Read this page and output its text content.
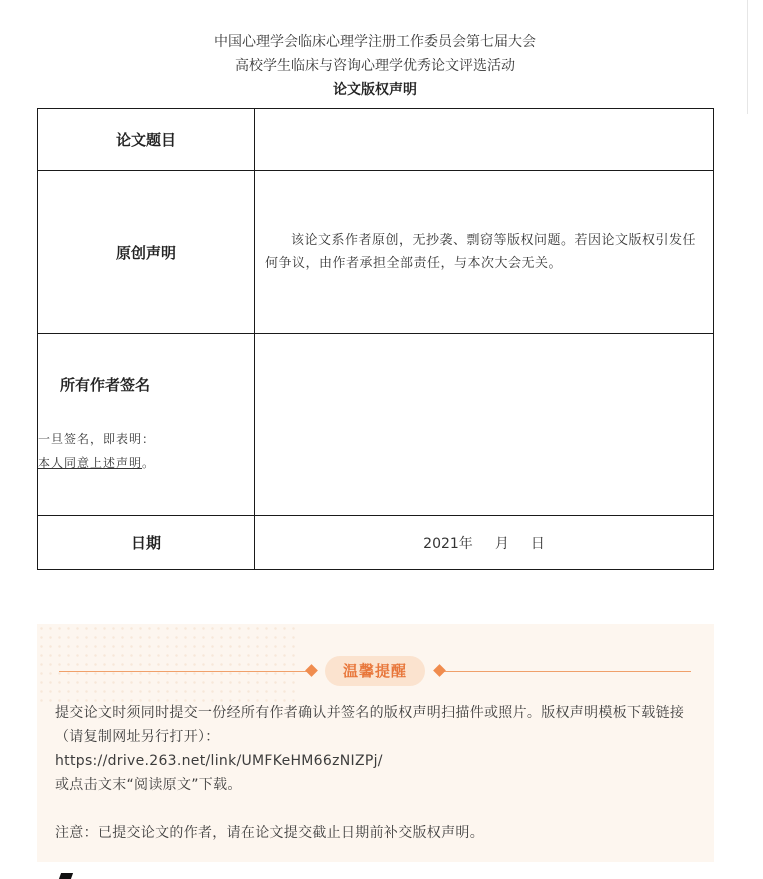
中国心理学会临床心理学注册工作委员会第七届大会
高校学生临床与咨询心理学优秀论文评选活动
论文版权声明
论文题目	
原创声明	该论文系作者原创，无抄袭、剽窃等版权问题。若因论文版权引发任何争议，由作者承担全部责任，与本次大会无关。

所有作者签名
一旦签名，即表明：
本人同意上述声明。	

日期	2021年 月 日
温馨提醒

提交论文时须同时提交一份经所有作者确认并签名的版权声明扫描件或照片。版权声明模板下载链接（请复制网址另行打开）：

https://drive.263.net/link/UMFKeHM66zNIZPj/

或点击文末“阅读原文”下载。

注意：已提交论文的作者，请在论文提交截止日期前补交版权声明。
